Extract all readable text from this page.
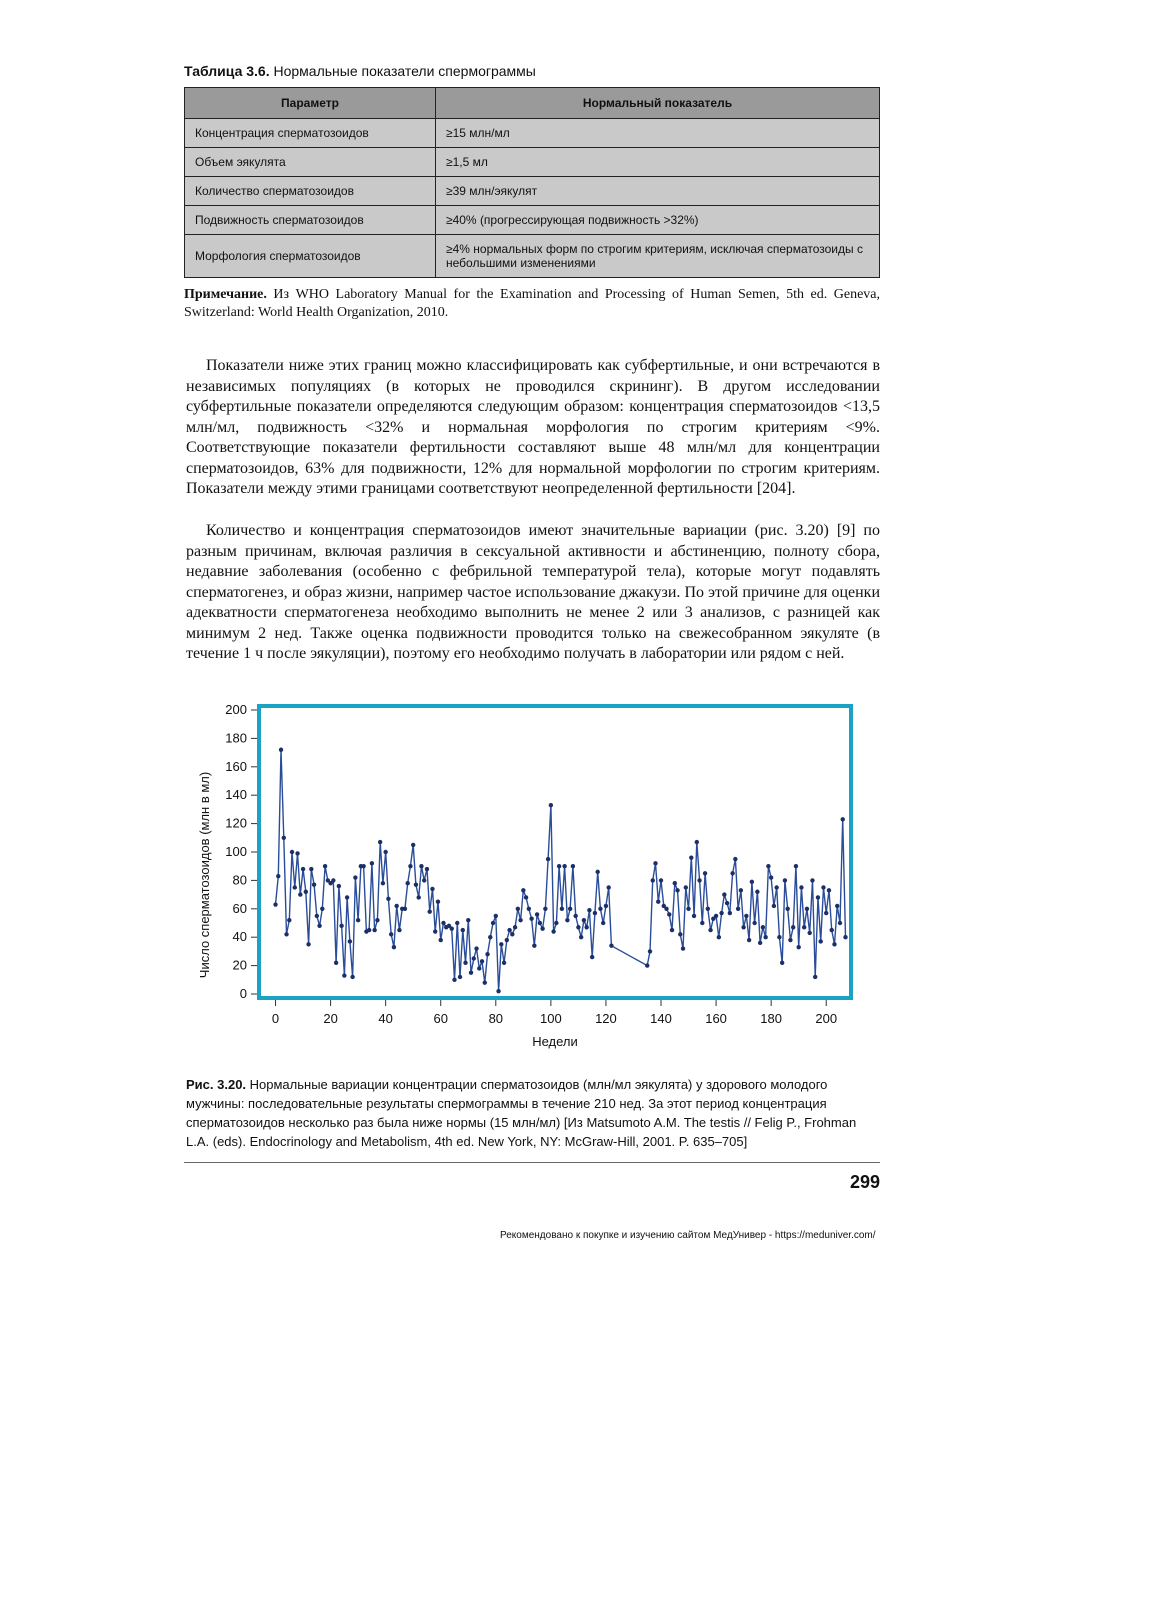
Таблица 3.6. Нормальные показатели спермограммы
Параметр	Нормальный показатель
Концентрация сперматозоидов	≥15 млн/мл
Объем эякулята	≥1,5 мл
Количество сперматозоидов	≥39 млн/эякулят
Подвижность сперматозоидов	≥40% (прогрессирующая подвижность >32%)
Морфология сперматозоидов	≥4% нормальных форм по строгим критериям, исключая сперматозоиды с небольшими изменениями
Примечание. Из WHO Laboratory Manual for the Examination and Processing of Human Semen, 5th ed. Geneva, Switzerland: World Health Organization, 2010.

Показатели ниже этих границ можно классифицировать как субфертильные, и они встречаются в независимых популяциях (в которых не проводился скрининг). В другом исследовании субфертильные показатели определяются следующим образом: концентрация сперматозоидов <13,5 млн/мл, подвижность <32% и нормальная морфология по строгим критериям <9%. Соответствующие показатели фертильности составляют выше 48 млн/мл для концентрации сперматозоидов, 63% для подвижности, 12% для нормальной морфологии по строгим критериям. Показатели между этими границами соответствуют неопределенной фертильности [204].

Количество и концентрация сперматозоидов имеют значительные вариации (рис. 3.20) [9] по разным причинам, включая различия в сексуальной активности и абстиненцию, полноту сбора, недавние заболевания (особенно с фебрильной температурой тела), которые могут подавлять сперматогенез, и образ жизни, например частое использование джакузи. По этой причине для оценки адекватности сперматогенеза необходимо выполнить не менее 2 или 3 анализов, с разницей как минимум 2 нед. Также оценка подвижности проводится только на свежесобранном эякуляте (в течение 1 ч после эякуляции), поэтому его необходимо получать в лаборатории или рядом с ней.

0
20
40
60
80
100
120
140
160
180
200
0	20	40	60	80	100	120	140	160	180	200
Недели
Число сперматозоидов (млн в мл)
Рис. 3.20. Нормальные вариации концентрации сперматозоидов (млн/мл эякулята) у здорового молодого мужчины: последовательные результаты спермограммы в течение 210 нед. За этот период концентрация сперматозоидов несколько раз была ниже нормы (15 млн/мл) [Из Matsumoto A.M. The testis // Felig P., Frohman L.A. (eds). Endocrinology and Metabolism, 4th ed. New York, NY: McGraw-Hill, 2001. P. 635–705]
299
Рекомендовано к покупке и изучению сайтом МедУнивер - https://meduniver.com/
